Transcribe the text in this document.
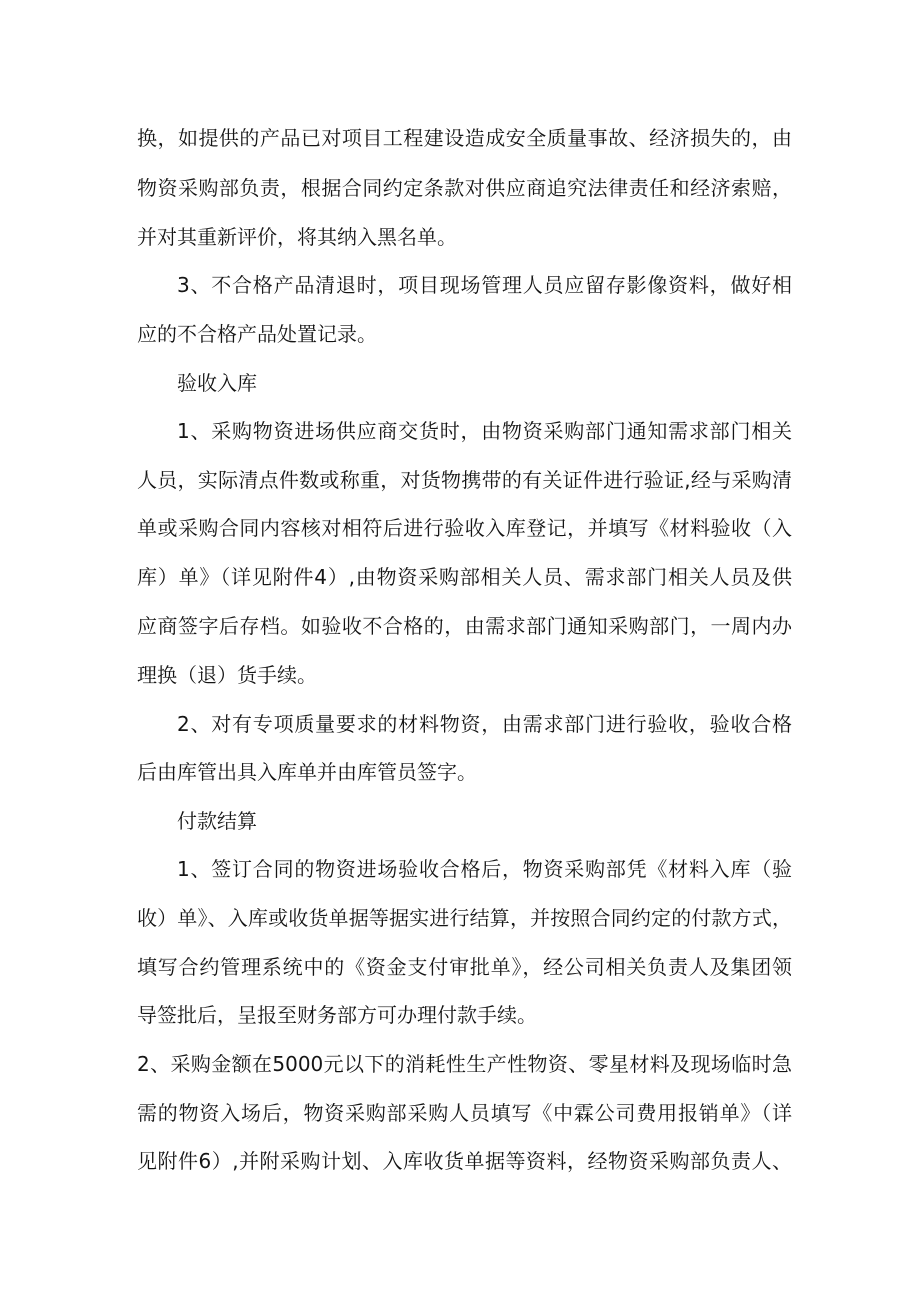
换，如提供的产品已对项目工程建设造成安全质量事故、经济损失的，由
物资采购部负责，根据合同约定条款对供应商追究法律责任和经济索赔，
并对其重新评价，将其纳入黑名单。
3、不合格产品清退时，项目现场管理人员应留存影像资料，做好相
应的不合格产品处置记录。
验收入库
1、采购物资进场供应商交货时，由物资采购部门通知需求部门相关
人员，实际清点件数或称重，对货物携带的有关证件进行验证,经与采购清
单或采购合同内容核对相符后进行验收入库登记，并填写《材料验收（入
库）单》（详见附件4）,由物资采购部相关人员、需求部门相关人员及供
应商签字后存档。如验收不合格的，由需求部门通知采购部门，一周内办
理换（退）货手续。
2、对有专项质量要求的材料物资，由需求部门进行验收，验收合格
后由库管出具入库单并由库管员签字。
付款结算
1、签订合同的物资进场验收合格后，物资采购部凭《材料入库（验
收）单》、入库或收货单据等据实进行结算，并按照合同约定的付款方式，
填写合约管理系统中的《资金支付审批单》，经公司相关负责人及集团领
导签批后，呈报至财务部方可办理付款手续。
2、采购金额在5000元以下的消耗性生产性物资、零星材料及现场临时急
需的物资入场后，物资采购部采购人员填写《中霖公司费用报销单》（详
见附件6）,并附采购计划、入库收货单据等资料，经物资采购部负责人、
